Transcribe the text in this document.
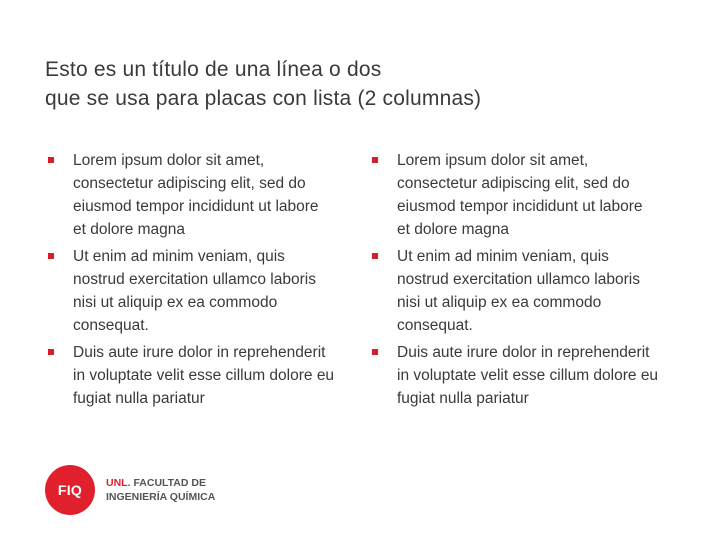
Esto es un título de una línea o dos
que se usa para placas con lista (2 columnas)
Lorem ipsum dolor sit amet, consectetur adipiscing elit, sed do eiusmod tempor incididunt ut labore et dolore magna
Ut enim ad minim veniam, quis nostrud exercitation ullamco laboris nisi ut aliquip ex ea commodo consequat.
Duis aute irure dolor in reprehenderit in voluptate velit esse cillum dolore eu fugiat nulla pariatur
Lorem ipsum dolor sit amet, consectetur adipiscing elit, sed do eiusmod tempor incididunt ut labore et dolore magna
Ut enim ad minim veniam, quis nostrud exercitation ullamco laboris nisi ut aliquip ex ea commodo consequat.
Duis aute irure dolor in reprehenderit in voluptate velit esse cillum dolore eu fugiat nulla pariatur
FIQ UNL. FACULTAD DE
INGENIERÍA QUÍMICA
